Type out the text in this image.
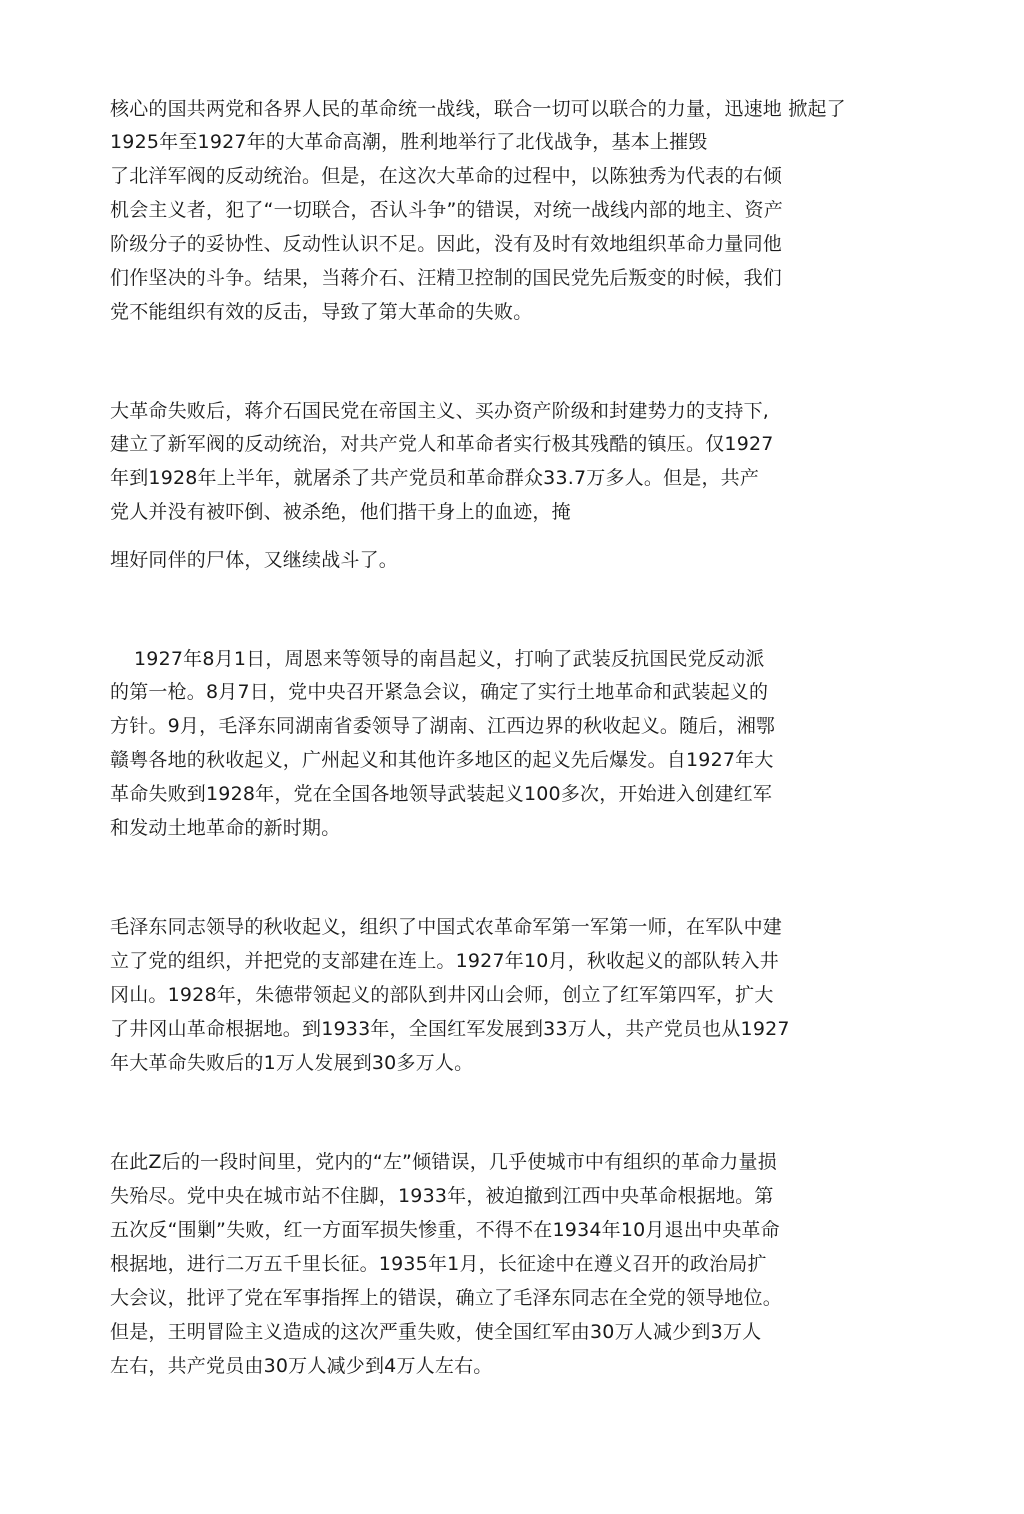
核心的国共两党和各界人民的革命统一战线，联合一切可以联合的力量，迅速地 掀起了
1925年至1927年的大革命高潮，胜利地举行了北伐战争，基本上摧毁
了北洋军阀的反动统治。但是，在这次大革命的过程中，以陈独秀为代表的右倾
机会主义者，犯了“一切联合，否认斗争”的错误，对统一战线内部的地主、资产
阶级分子的妥协性、反动性认识不足。因此，没有及时有效地组织革命力量同他
们作坚决的斗争。结果，当蒋介石、汪精卫控制的国民党先后叛变的时候，我们
党不能组织有效的反击，导致了第大革命的失败。
大革命失败后，蒋介石国民党在帝国主义、买办资产阶级和封建势力的支持下,
建立了新军阀的反动统治，对共产党人和革命者实行极其残酷的镇压。仅1927
年到1928年上半年，就屠杀了共产党员和革命群众33.7万多人。但是，共产
党人并没有被吓倒、被杀绝，他们揩干身上的血迹，掩
埋好同伴的尸体，又继续战斗了。
1927年8月1日，周恩来等领导的南昌起义，打响了武装反抗国民党反动派
的第一枪。8月7日，党中央召开紧急会议，确定了实行土地革命和武装起义的
方针。9月，毛泽东同湖南省委领导了湖南、江西边界的秋收起义。随后，湘鄂
赣粤各地的秋收起义，广州起义和其他许多地区的起义先后爆发。自1927年大
革命失败到1928年，党在全国各地领导武装起义100多次，开始进入创建红军
和发动土地革命的新时期。
毛泽东同志领导的秋收起义，组织了中国式农革命军第一军第一师，在军队中建
立了党的组织，并把党的支部建在连上。1927年10月，秋收起义的部队转入井
冈山。1928年，朱德带领起义的部队到井冈山会师，创立了红军第四军，扩大
了井冈山革命根据地。到1933年，全国红军发展到33万人，共产党员也从1927
年大革命失败后的1万人发展到30多万人。
在此Z后的一段时间里，党内的“左”倾错误，几乎使城市中有组织的革命力量损
失殆尽。党中央在城市站不住脚，1933年，被迫撤到江西中央革命根据地。第
五次反“围剿”失败，红一方面军损失惨重，不得不在1934年10月退出中央革命
根据地，进行二万五千里长征。1935年1月，长征途中在遵义召开的政治局扩
大会议，批评了党在军事指挥上的错误，确立了毛泽东同志在全党的领导地位。
但是，王明冒险主义造成的这次严重失败，使全国红军由30万人减少到3万人
左右，共产党员由30万人减少到4万人左右。
